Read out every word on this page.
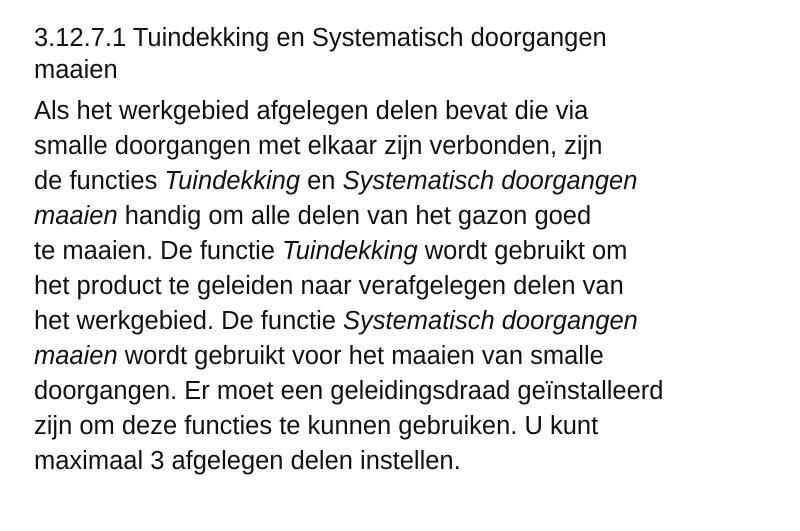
3.12.7.1 Tuindekking en Systematisch doorgangen
maaien

Als het werkgebied afgelegen delen bevat die via
smalle doorgangen met elkaar zijn verbonden, zijn
de functies Tuindekking en Systematisch doorgangen
maaien handig om alle delen van het gazon goed
te maaien. De functie Tuindekking wordt gebruikt om
het product te geleiden naar verafgelegen delen van
het werkgebied. De functie Systematisch doorgangen
maaien wordt gebruikt voor het maaien van smalle
doorgangen. Er moet een geleidingsdraad geïnstalleerd
zijn om deze functies te kunnen gebruiken. U kunt
maximaal 3 afgelegen delen instellen.
